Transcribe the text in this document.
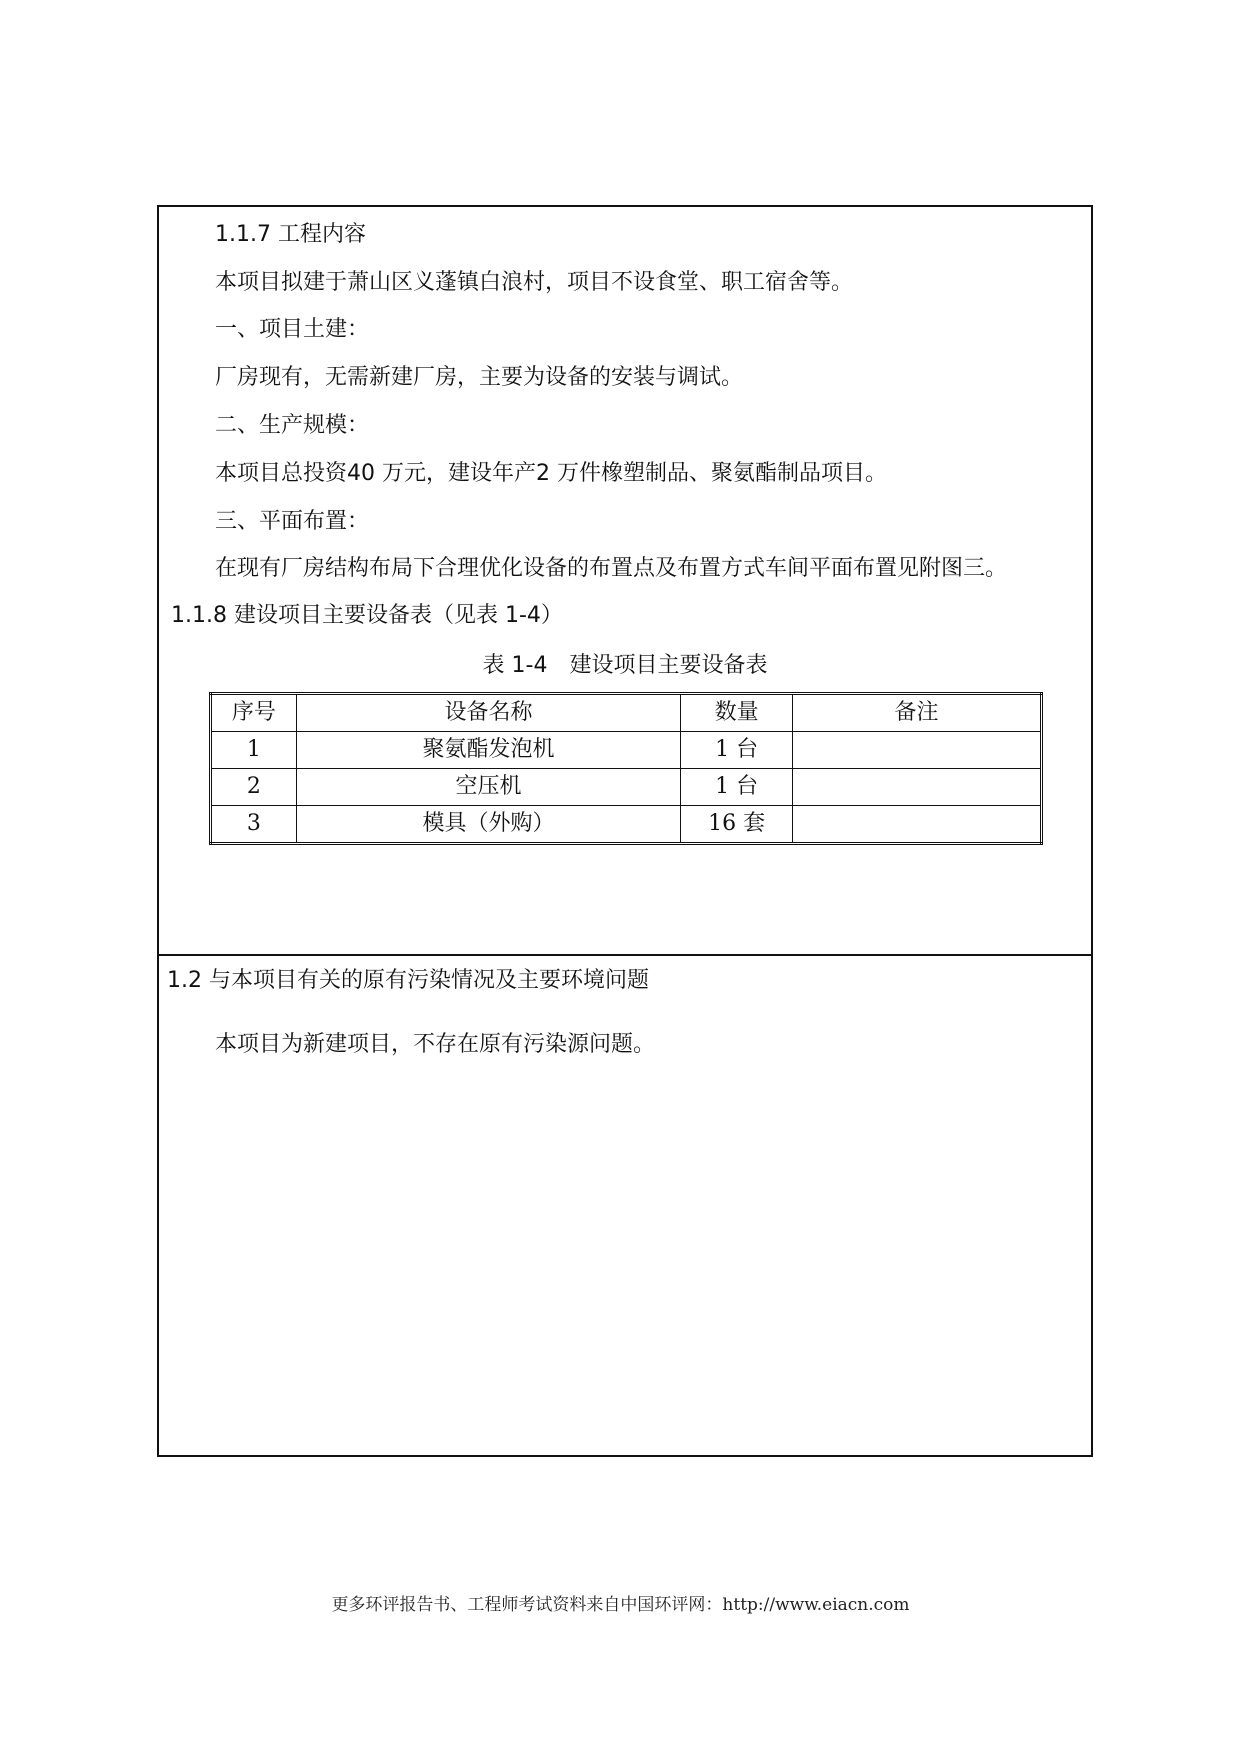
1.1.7 工程内容
本项目拟建于萧山区义蓬镇白浪村，项目不设食堂、职工宿舍等。
一、项目土建：
厂房现有，无需新建厂房，主要为设备的安装与调试。
二、生产规模：
本项目总投资40 万元，建设年产2 万件橡塑制品、聚氨酯制品项目。
三、平面布置：
在现有厂房结构布局下合理优化设备的布置点及布置方式车间平面布置见附图三。
1.1.8 建设项目主要设备表（见表 1-4）
表 1-4　建设项目主要设备表
序号	设备名称	数量	备注
1	聚氨酯发泡机	1 台	
2	空压机	1 台	
3	模具（外购）	16 套	
1.2 与本项目有关的原有污染情况及主要环境问题
本项目为新建项目，不存在原有污染源问题。
更多环评报告书、工程师考试资料来自中国环评网：http://www.eiacn.com
